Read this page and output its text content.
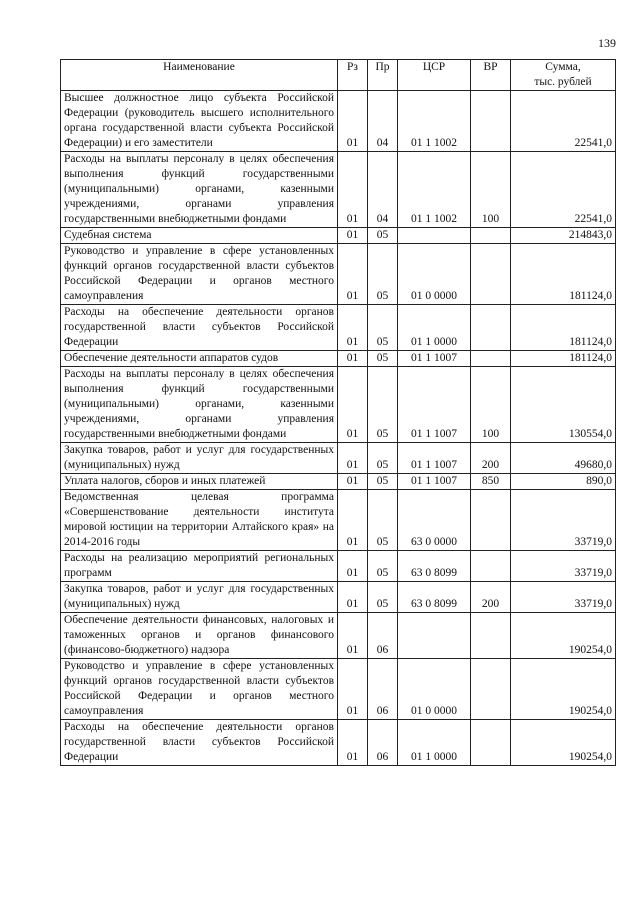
139
Наименование	Рз	Пр	ЦСР	ВР	Сумма,
тыс. рублей

Высшее должностное лицо субъекта Российской Федерации (руководитель высшего исполнительного органа государственной власти субъекта Российской Федерации) и его заместители	01	04	01 1 1002		22541,0
Расходы на выплаты персоналу в целях обеспечения выполнения функций государственными (муниципальными) органами, казенными учреждениями, органами управления государственными внебюджетными фондами	01	04	01 1 1002	100	22541,0
Судебная система	01	05			214843,0
Руководство и управление в сфере установленных функций органов государственной власти субъектов Российской Федерации и органов местного самоуправления	01	05	01 0 0000		181124,0
Расходы на обеспечение деятельности органов государственной власти субъектов Российской Федерации	01	05	01 1 0000		181124,0
Обеспечение деятельности аппаратов судов	01	05	01 1 1007		181124,0
Расходы на выплаты персоналу в целях обеспечения выполнения функций государственными (муниципальными) органами, казенными учреждениями, органами управления государственными внебюджетными фондами	01	05	01 1 1007	100	130554,0
Закупка товаров, работ и услуг для государственных (муниципальных) нужд	01	05	01 1 1007	200	49680,0
Уплата налогов, сборов и иных платежей	01	05	01 1 1007	850	890,0
Ведомственная целевая программа «Совершенствование деятельности института мировой юстиции на территории Алтайского края» на 2014-2016 годы	01	05	63 0 0000		33719,0
Расходы на реализацию мероприятий региональных программ	01	05	63 0 8099		33719,0
Закупка товаров, работ и услуг для государственных (муниципальных) нужд	01	05	63 0 8099	200	33719,0
Обеспечение деятельности финансовых, налоговых и таможенных органов и органов финансового (финансово-бюджетного) надзора	01	06			190254,0
Руководство и управление в сфере установленных функций органов государственной власти субъектов Российской Федерации и органов местного самоуправления	01	06	01 0 0000		190254,0
Расходы на обеспечение деятельности органов государственной власти субъектов Российской Федерации	01	06	01 1 0000		190254,0
